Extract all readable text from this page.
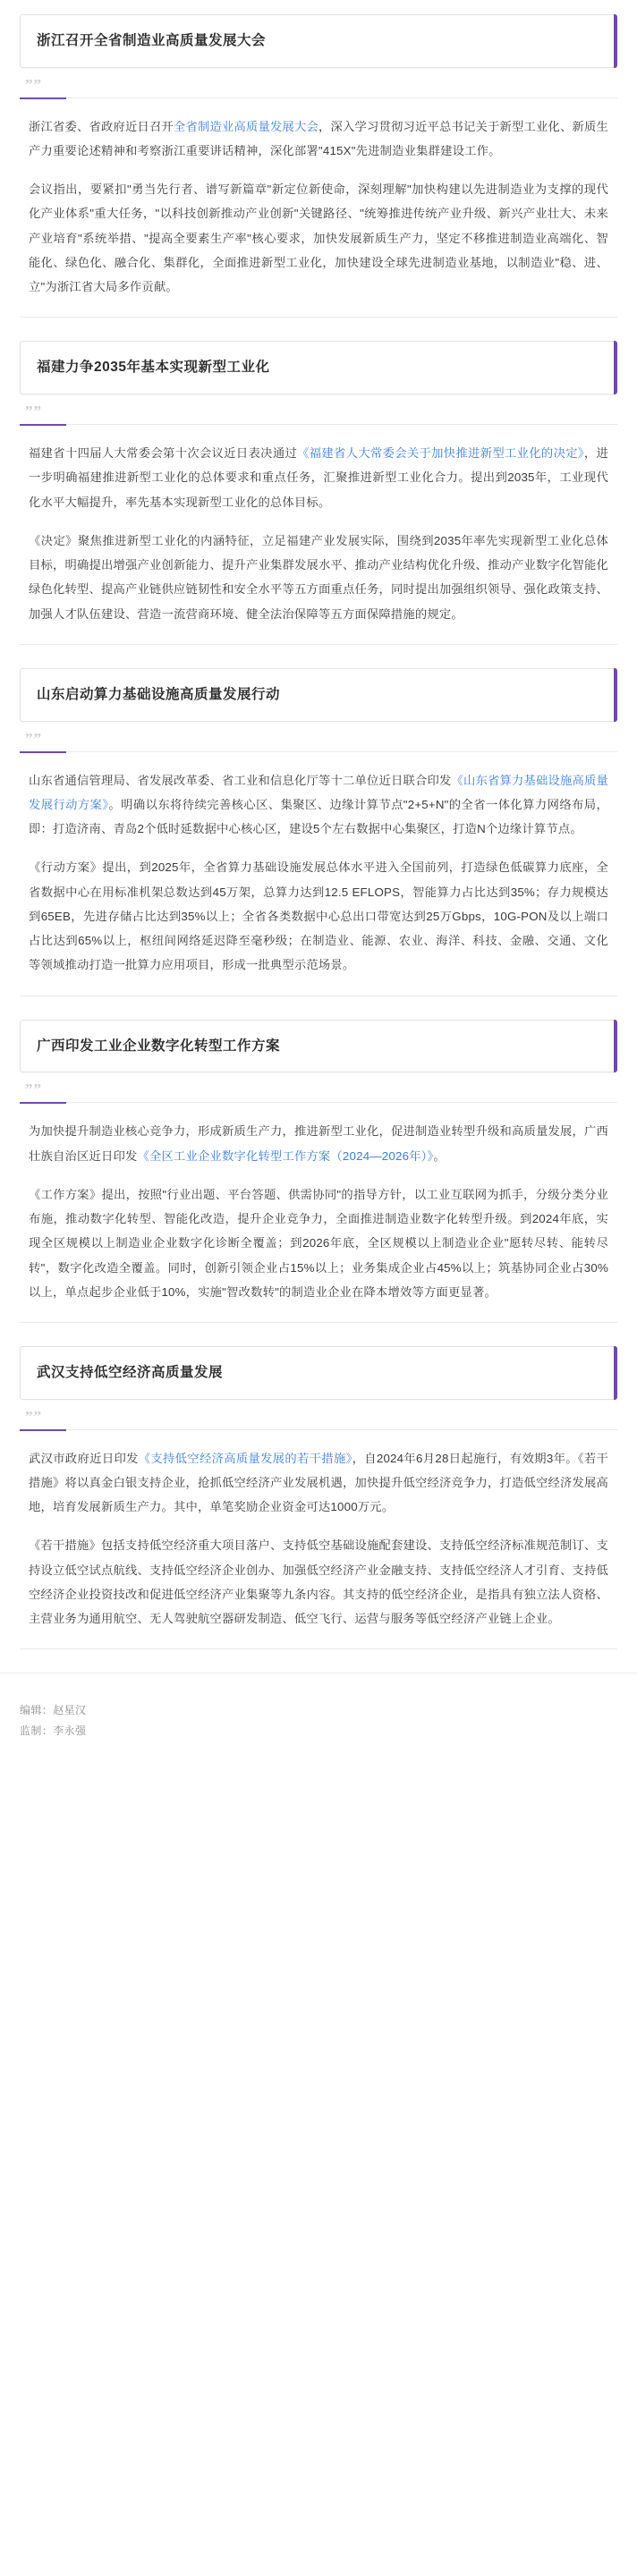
浙江召开全省制造业高质量发展大会
””

浙江省委、省政府近日召开全省制造业高质量发展大会，深入学习贯彻习近平总书记关于新型工业化、新质生产力重要论述精神和考察浙江重要讲话精神，深化部署"415X"先进制造业集群建设工作。

会议指出，要紧扣"勇当先行者、谱写新篇章"新定位新使命，深刻理解"加快构建以先进制造业为支撑的现代化产业体系"重大任务，"以科技创新推动产业创新"关键路径、"统筹推进传统产业升级、新兴产业壮大、未来产业培育"系统举措、"提高全要素生产率"核心要求，加快发展新质生产力，坚定不移推进制造业高端化、智能化、绿色化、融合化、集群化，全面推进新型工业化，加快建设全球先进制造业基地，以制造业"稳、进、立"为浙江省大局多作贡献。

福建力争2035年基本实现新型工业化
””

福建省十四届人大常委会第十次会议近日表决通过《福建省人大常委会关于加快推进新型工业化的决定》，进一步明确福建推进新型工业化的总体要求和重点任务，汇聚推进新型工业化合力。提出到2035年，工业现代化水平大幅提升，率先基本实现新型工业化的总体目标。

《决定》聚焦推进新型工业化的内涵特征，立足福建产业发展实际，围绕到2035年率先实现新型工业化总体目标，明确提出增强产业创新能力、提升产业集群发展水平、推动产业结构优化升级、推动产业数字化智能化绿色化转型、提高产业链供应链韧性和安全水平等五方面重点任务，同时提出加强组织领导、强化政策支持、加强人才队伍建设、营造一流营商环境、健全法治保障等五方面保障措施的规定。

山东启动算力基础设施高质量发展行动
””

山东省通信管理局、省发展改革委、省工业和信息化厅等十二单位近日联合印发《山东省算力基础设施高质量发展行动方案》。明确以东将待续完善核心区、集聚区、边缘计算节点"2+5+N"的全省一体化算力网络布局，即：打造济南、青岛2个低时延数据中心核心区，建设5个左右数据中心集聚区，打造N个边缘计算节点。

《行动方案》提出，到2025年，全省算力基础设施发展总体水平进入全国前列，打造绿色低碳算力底座，全省数据中心在用标准机架总数达到45万架，总算力达到12.5 EFLOPS，智能算力占比达到35%；存力规模达到65EB，先进存储占比达到35%以上；全省各类数据中心总出口带宽达到25万Gbps，10G-PON及以上端口占比达到65%以上，枢纽间网络延迟降至毫秒级；在制造业、能源、农业、海洋、科技、金融、交通、文化等领域推动打造一批算力应用项目，形成一批典型示范场景。

广西印发工业企业数字化转型工作方案
””

为加快提升制造业核心竞争力，形成新质生产力，推进新型工业化，促进制造业转型升级和高质量发展，广西壮族自治区近日印发《全区工业企业数字化转型工作方案（2024—2026年）》。

《工作方案》提出，按照"行业出题、平台答题、供需协同"的指导方针，以工业互联网为抓手，分级分类分业布施，推动数字化转型、智能化改造，提升企业竞争力，全面推进制造业数字化转型升级。到2024年底，实现全区规模以上制造业企业数字化诊断全覆盖；到2026年底，全区规模以上制造业企业"愿转尽转、能转尽转"，数字化改造全覆盖。同时，创新引领企业占15%以上；业务集成企业占45%以上；筑基协同企业占30%以上，单点起步企业低于10%，实施"智改数转"的制造业企业在降本增效等方面更显著。

武汉支持低空经济高质量发展
””

武汉市政府近日印发《支持低空经济高质量发展的若干措施》，自2024年6月28日起施行，有效期3年。《若干措施》将以真金白银支持企业，抢抓低空经济产业发展机遇，加快提升低空经济竞争力，打造低空经济发展高地，培育发展新质生产力。其中，单笔奖励企业资金可达1000万元。

《若干措施》包括支持低空经济重大项目落户、支持低空基础设施配套建设、支持低空经济标准规范制订、支持设立低空试点航线、支持低空经济企业创办、加强低空经济产业金融支持、支持低空经济人才引育、支持低空经济企业投资技改和促进低空经济产业集聚等九条内容。其支持的低空经济企业，是指具有独立法人资格、主营业务为通用航空、无人驾驶航空器研发制造、低空飞行、运营与服务等低空经济产业链上企业。

编辑：赵星汉
监制：李永强
